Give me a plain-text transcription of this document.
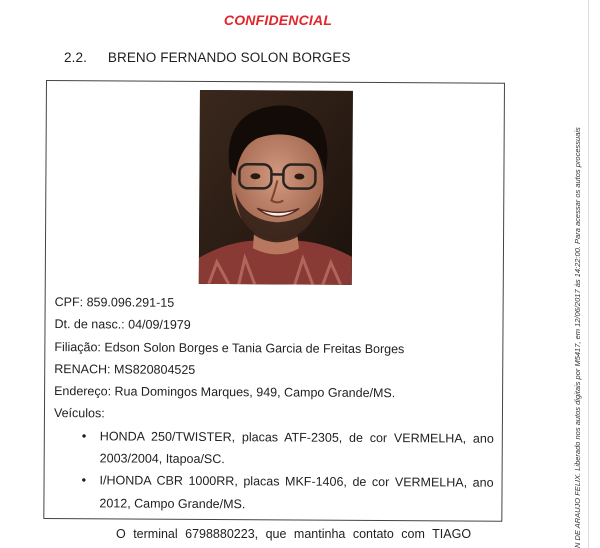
CONFIDENCIAL
2.2. BRENO FERNANDO SOLON BORGES
CPF: 859.096.291-15
Dt. de nasc.: 04/09/1979
Filiação: Edson Solon Borges e Tania Garcia de Freitas Borges
RENACH: MS820804525
Endereço: Rua Domingos Marques, 949, Campo Grande/MS.
Veículos:
• HONDA 250/TWISTER, placas ATF-2305, de cor VERMELHA, ano 2003/2004, Itapoa/SC.
• I/HONDA CBR 1000RR, placas MKF-1406, de cor VERMELHA, ano 2012, Campo Grande/MS.
O terminal 6798880223, que mantinha contato com TIAGO	N DE ARAUJO FELIX. Liberado nos autos digitais por M5417, em 12/06/2017 às 14:22:00. Para acessar os autos processuais
